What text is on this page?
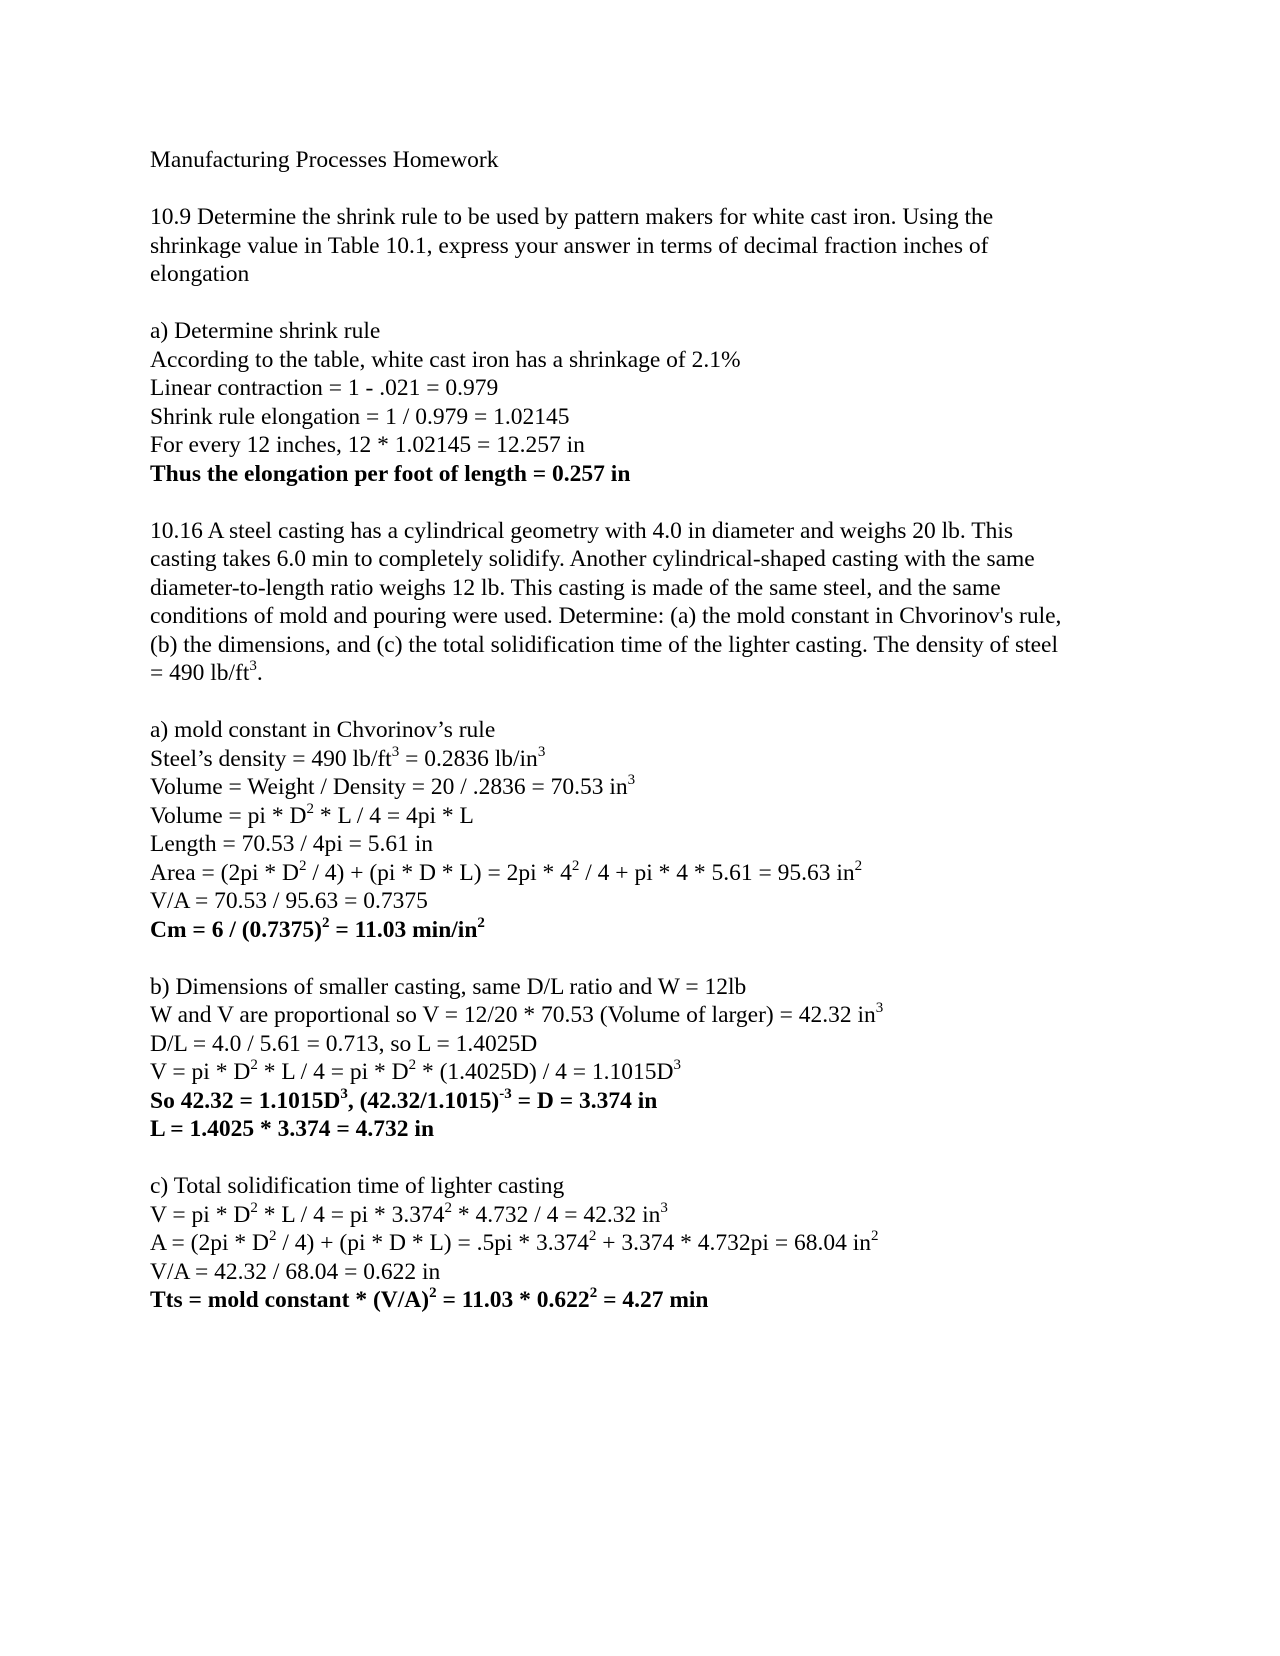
Manufacturing Processes Homework
10.9 Determine the shrink rule to be used by pattern makers for white cast iron. Using the
shrinkage value in Table 10.1, express your answer in terms of decimal fraction inches of
elongation
a) Determine shrink rule
According to the table, white cast iron has a shrinkage of 2.1%
Linear contraction = 1 - .021 = 0.979
Shrink rule elongation = 1 / 0.979 = 1.02145
For every 12 inches, 12 * 1.02145 = 12.257 in
Thus the elongation per foot of length = 0.257 in
10.16 A steel casting has a cylindrical geometry with 4.0 in diameter and weighs 20 lb. This
casting takes 6.0 min to completely solidify. Another cylindrical-shaped casting with the same
diameter-to-length ratio weighs 12 lb. This casting is made of the same steel, and the same
conditions of mold and pouring were used. Determine: (a) the mold constant in Chvorinov's rule,
(b) the dimensions, and (c) the total solidification time of the lighter casting. The density of steel
= 490 $lb/ft^3$.
a) mold constant in Chvorinov’s rule
Steel’s density = 490 $lb/ft^3 = 0.2836$ $lb/in^3$
Volume = Weight / Density = 20 / .2836 = 70.53 $in^3$
Volume = pi * $D^2 * L / 4 = 4pi * L$
Length = 70.53 / 4pi = 5.61 in
Area = $(2pi * D^2 / 4) + (pi * D * L) = 2pi * 4^2 / 4$ + pi * 4 * 5.61 = 95.63 $in^2$
V/A = 70.53 / 95.63 = 0.7375
$Cm = 6 / (0.7375)^2 = 11.03$ $\min/in^2$
b) Dimensions of smaller casting, same D/L ratio and W = 12lb
W and V are proportional so V = 12/20 * 70.53 (Volume of larger) = 42.32 $in^3$
D/L = 4.0 / 5.61 = 0.713, so L = 1.4025D
V = pi * $D^2$ * L / 4 = pi * $D^2 * (1.4025D) / 4 = 1.1015D^3$
So $42.32 = 1.1015D^3$, $(42.32/1.1015)^{-3} = D = 3.374$ in
L = 1.4025 * 3.374 = 4.732 in
c) Total solidification time of lighter casting
V = pi * $D^2$ * L / 4 = pi * 3.374$^2$ * 4.732 / 4 = 42.32 $in^3$
$A = (2pi * D^2 / 4) + (pi * D * L) = .5pi * 3.374^2 + 3.374 * 4.732pi = 68.04$ $in^2$
V/A = 42.32 / 68.04 = 0.622 in
Tts = mold constant * $(V/A)^2 = 11.03 * 0.622^2 = 4.27$ min
